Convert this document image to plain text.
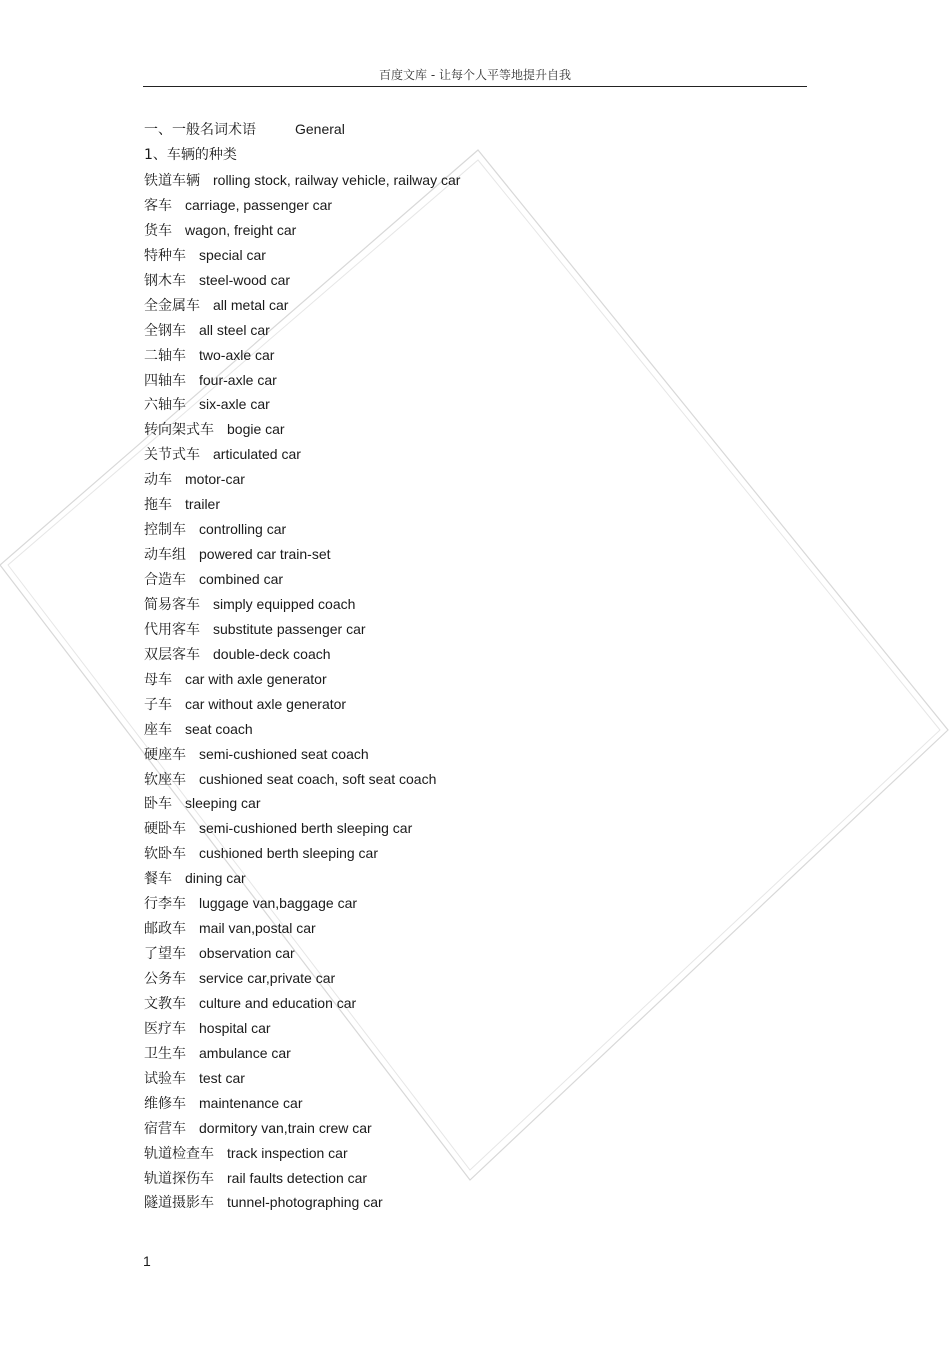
百度文库 - 让每个人平等地提升自我
一、一般名词术语	General
1、车辆的种类
铁道车辆 rolling stock, railway vehicle, railway car
客车 carriage, passenger car
货车 wagon, freight car
特种车 special car
钢木车 steel-wood car
全金属车 all metal car
全钢车 all steel car
二轴车 two-axle car
四轴车 four-axle car
六轴车 six-axle car
转向架式车 bogie car
关节式车 articulated car
动车 motor-car
拖车 trailer
控制车 controlling car
动车组 powered car train-set
合造车 combined car
简易客车 simply equipped coach
代用客车 substitute passenger car
双层客车 double-deck coach
母车 car with axle generator
子车 car without axle generator
座车 seat coach
硬座车 semi-cushioned seat coach
软座车 cushioned seat coach, soft seat coach
卧车 sleeping car
硬卧车 semi-cushioned berth sleeping car
软卧车 cushioned berth sleeping car
餐车 dining car
行李车 luggage van,baggage car
邮政车 mail van,postal car
了望车 observation car
公务车 service car,private car
文教车 culture and education car
医疗车 hospital car
卫生车 ambulance car
试验车 test car
维修车 maintenance car
宿营车 dormitory van,train crew car
轨道检查车 track inspection car
轨道探伤车 rail faults detection car
隧道摄影车 tunnel-photographing car
1
